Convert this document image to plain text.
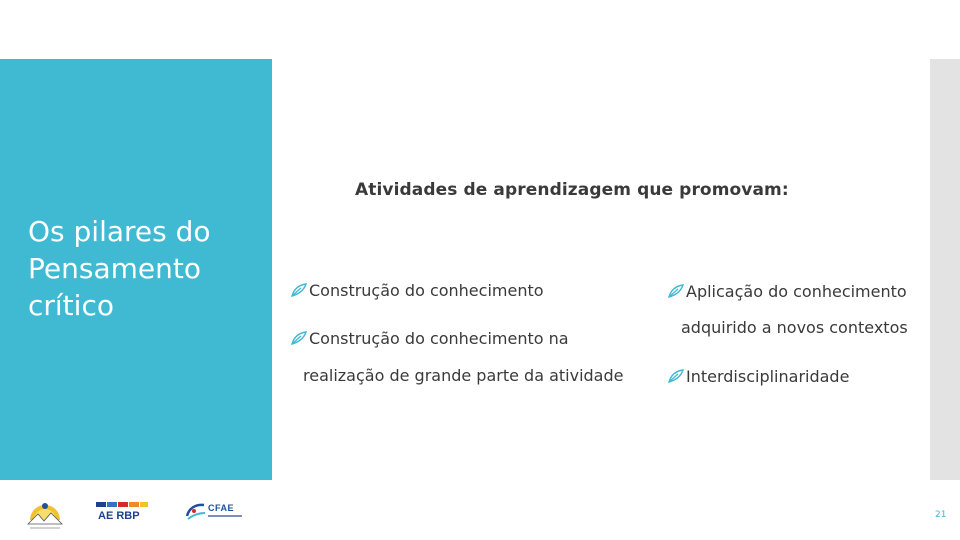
Os pilares do
Pensamento
crítico
Atividades de aprendizagem que promovam:
Construção do conhecimento
Construção do conhecimento na
realização de grande parte da atividade
Aplicação do conhecimento
adquirido a novos contextos
Interdisciplinaridade
AE RBP
CFAE
21
